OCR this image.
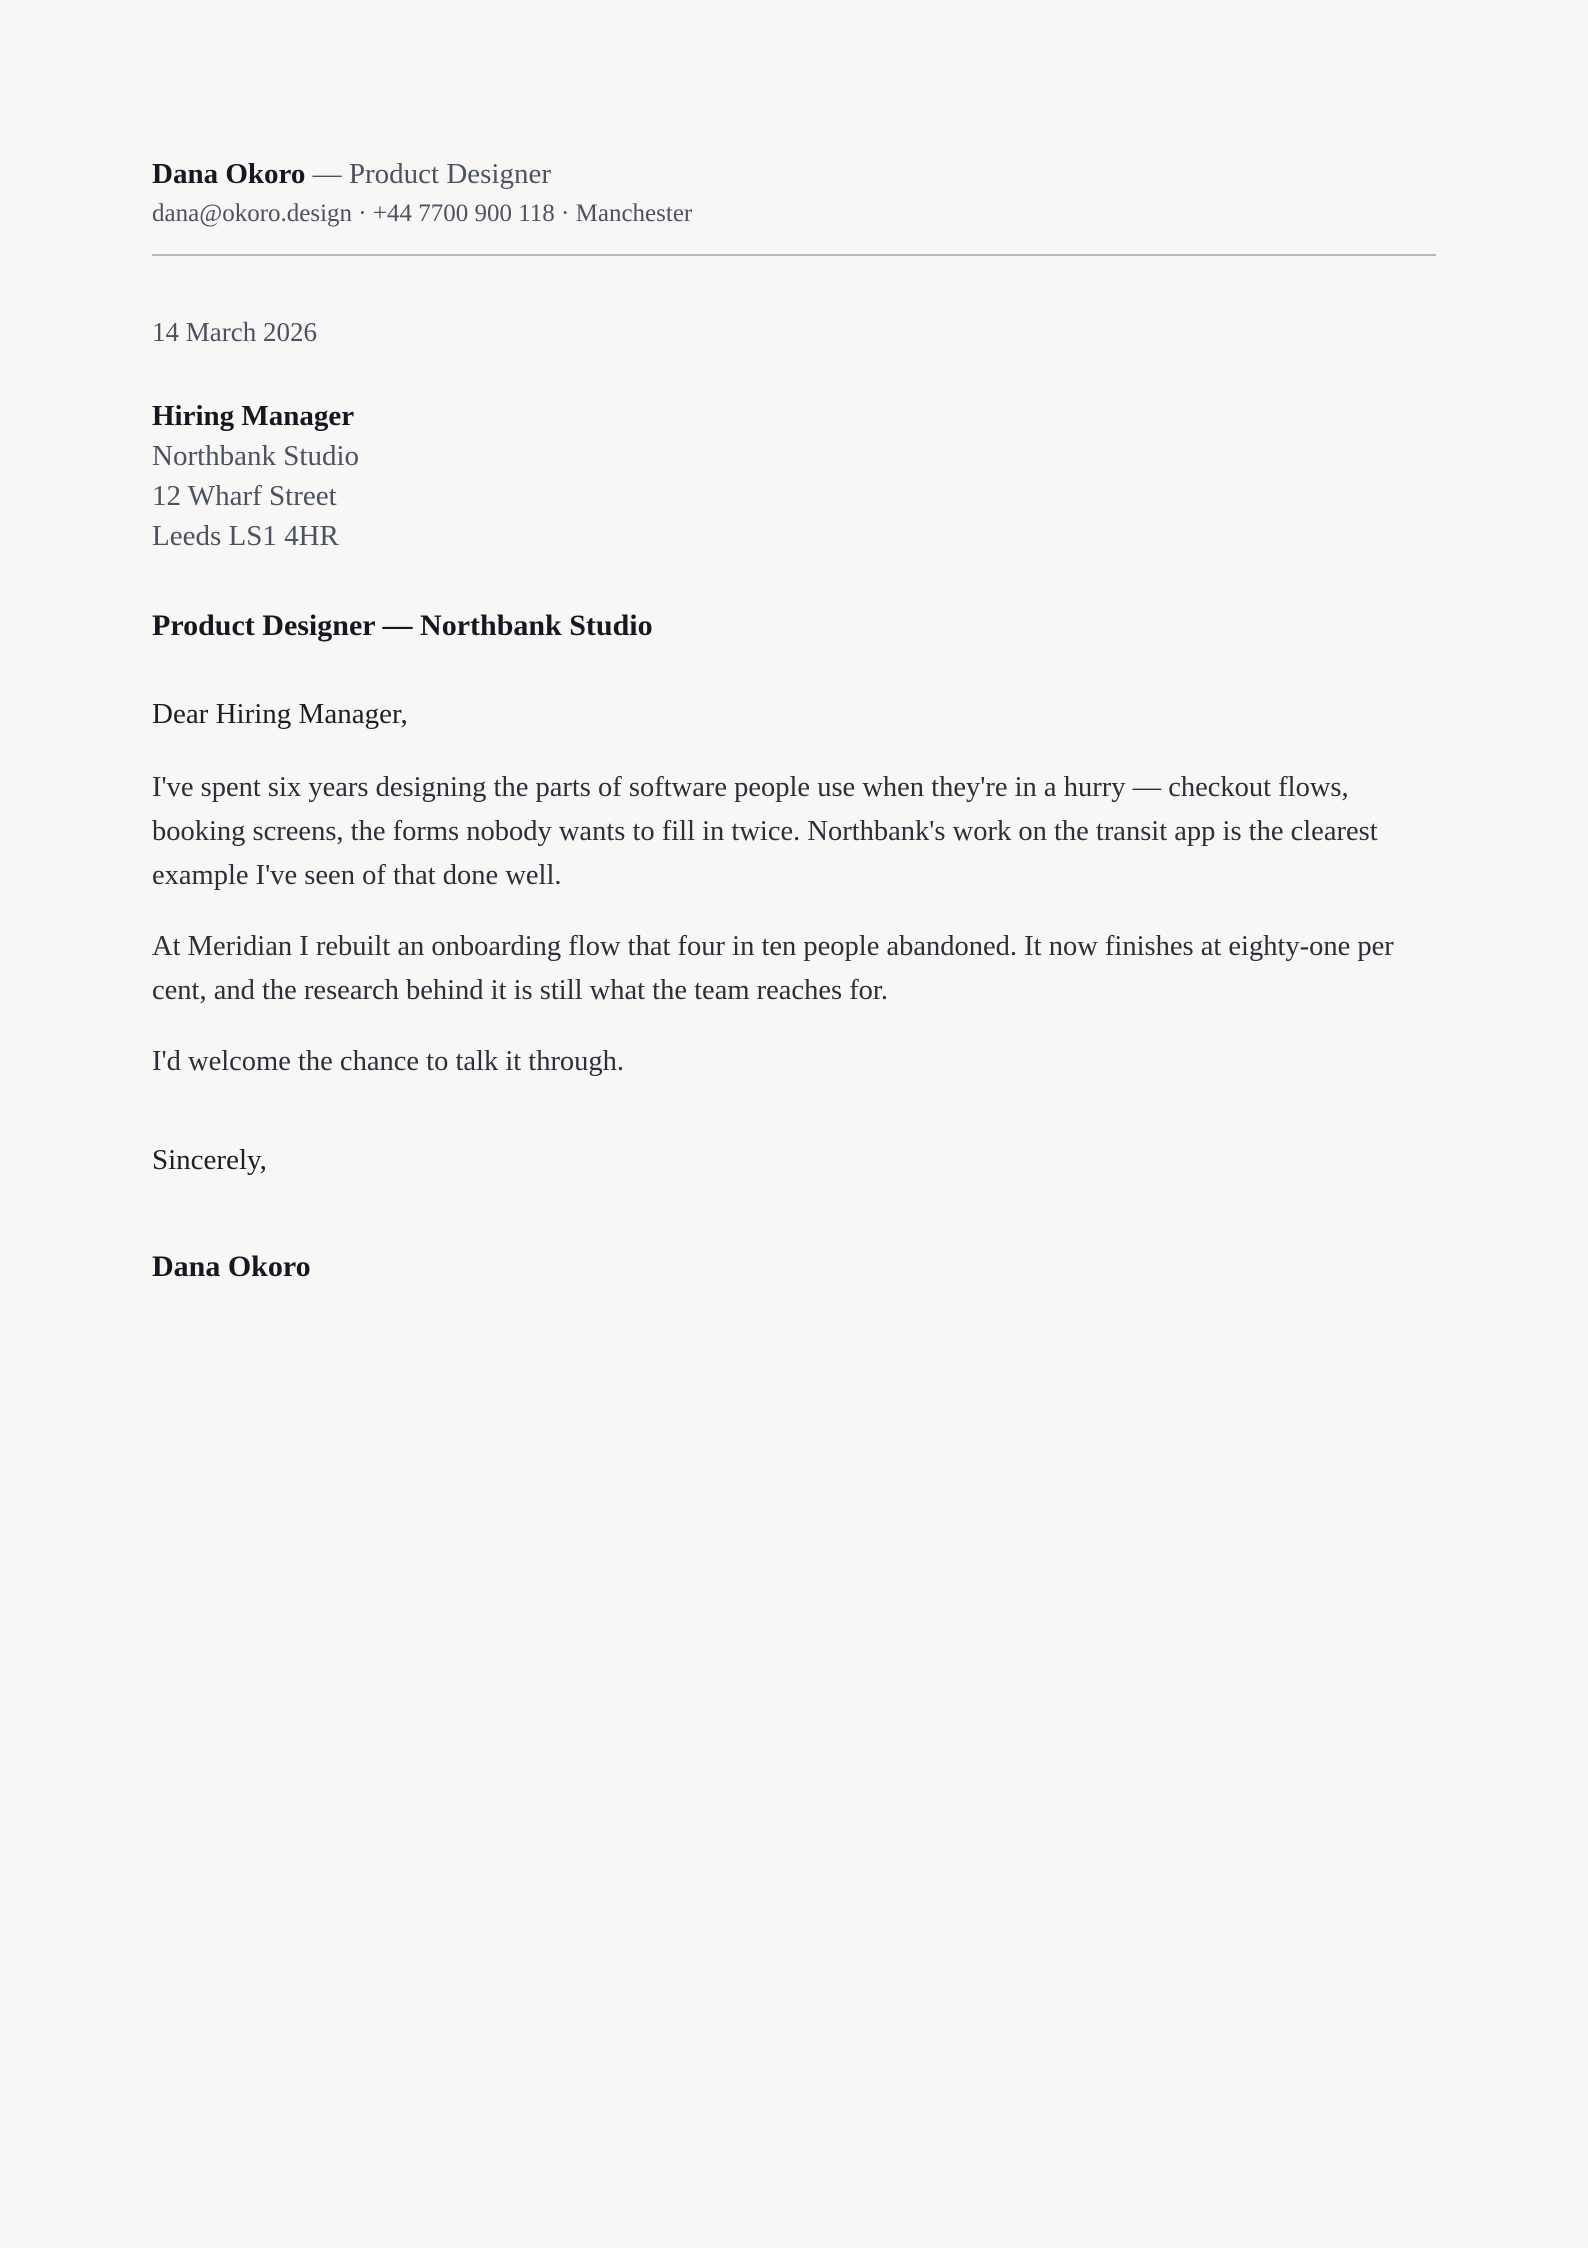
Dana Okoro — Product Designer
dana@okoro.design · +44 7700 900 118 · Manchester
14 March 2026
Hiring Manager
Northbank Studio
12 Wharf Street
Leeds LS1 4HR
Product Designer — Northbank Studio
Dear Hiring Manager,

I've spent six years designing the parts of software people use when they're in a hurry — checkout flows, booking screens, the forms nobody wants to fill in twice. Northbank's work on the transit app is the clearest example I've seen of that done well.

At Meridian I rebuilt an onboarding flow that four in ten people abandoned. It now finishes at eighty-one per cent, and the research behind it is still what the team reaches for.

I'd welcome the chance to talk it through.

Sincerely,
Dana Okoro
